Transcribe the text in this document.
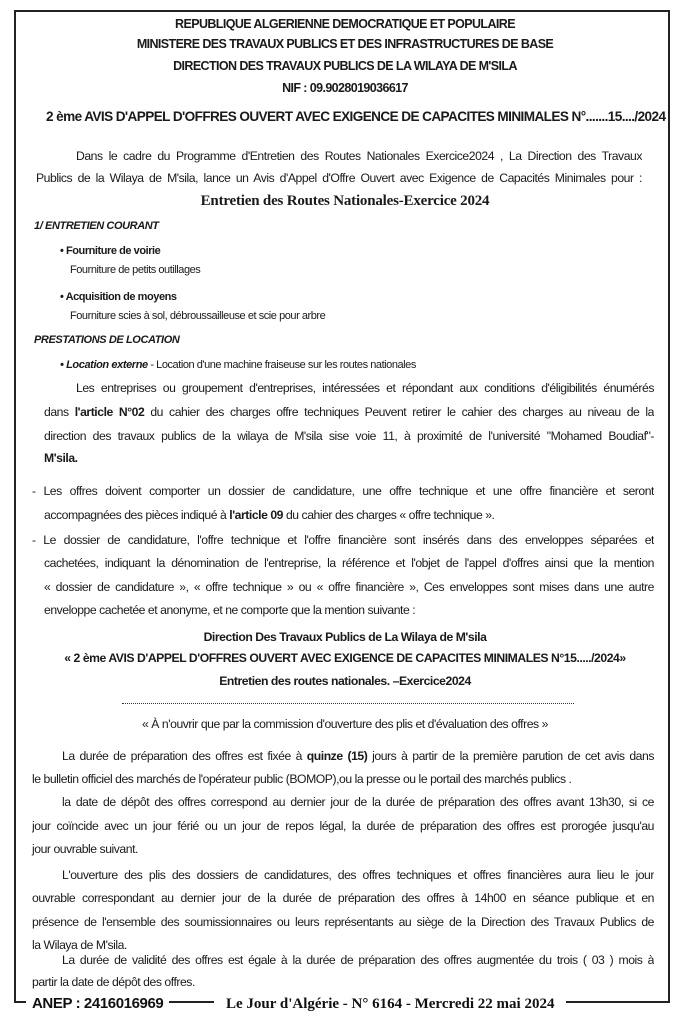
REPUBLIQUE ALGERIENNE DEMOCRATIQUE ET POPULAIRE
MINISTERE DES TRAVAUX PUBLICS ET DES INFRASTRUCTURES DE BASE
DIRECTION DES TRAVAUX PUBLICS DE LA WILAYA DE M'SILA
NIF : 09.9028019036617
2 ème AVIS D'APPEL D'OFFRES OUVERT AVEC EXIGENCE DE CAPACITES MINIMALES N°.......15..../2024
Dans le cadre du Programme d'Entretien des Routes Nationales Exercice2024 , La Direction des Travaux
Publics de la Wilaya de M'sila, lance un Avis d'Appel d'Offre Ouvert avec Exigence de Capacités Minimales pour :
Entretien des Routes Nationales-Exercice 2024
1/ ENTRETIEN COURANT
• Fourniture de voirie
Fourniture de petits outillages
• Acquisition de moyens
Fourniture scies à sol, débroussailleuse et scie pour arbre
PRESTATIONS DE LOCATION
• Location externe - Location d'une machine fraiseuse sur les routes nationales
Les entreprises ou groupement d'entreprises, intéressées et répondant aux conditions d'éligibilités énumérés
dans l'article N°02 du cahier des charges offre techniques Peuvent retirer le cahier des charges au niveau de la
direction des travaux publics de la wilaya de M'sila sise voie 11, à proximité de l'université "Mohamed Boudiaf"-
M'sila.
- Les offres doivent comporter un dossier de candidature, une offre technique et une offre financière et seront
accompagnées des pièces indiqué à l'article 09 du cahier des charges « offre technique ».
- Le dossier de candidature, l'offre technique et l'offre financière sont insérés dans des enveloppes séparées et
cachetées, indiquant la dénomination de l'entreprise, la référence et l'objet de l'appel d'offres ainsi que la mention
« dossier de candidature », « offre technique » ou « offre financière », Ces enveloppes sont mises dans une autre
enveloppe cachetée et anonyme, et ne comporte que la mention suivante :
Direction Des Travaux Publics de La Wilaya de M'sila
« 2 ème AVIS D'APPEL D'OFFRES OUVERT AVEC EXIGENCE DE CAPACITES MINIMALES N°15...../2024»
Entretien des routes nationales. –Exercice2024
« À n'ouvrir que par la commission d'ouverture des plis et d'évaluation des offres »
La durée de préparation des offres est fixée à quinze (15) jours à partir de la première parution de cet avis dans
le bulletin officiel des marchés de l'opérateur public (BOMOP),ou la presse ou le portail des marchés publics .
la date de dépôt des offres correspond au dernier jour de la durée de préparation des offres avant 13h30, si ce
jour coïncide avec un jour férié ou un jour de repos légal, la durée de préparation des offres est prorogée jusqu'au
jour ouvrable suivant.
L'ouverture des plis des dossiers de candidatures, des offres techniques et offres financières aura lieu le jour
ouvrable correspondant au dernier jour de la durée de préparation des offres à 14h00 en séance publique et en
présence de l'ensemble des soumissionnaires ou leurs représentants au siège de la Direction des Travaux Publics de
la Wilaya de M'sila.
La durée de validité des offres est égale à la durée de préparation des offres augmentée du trois ( 03 ) mois à
partir la date de dépôt des offres.
ANEP : 2416016969	Le Jour d'Algérie - N° 6164 - Mercredi 22 mai 2024
